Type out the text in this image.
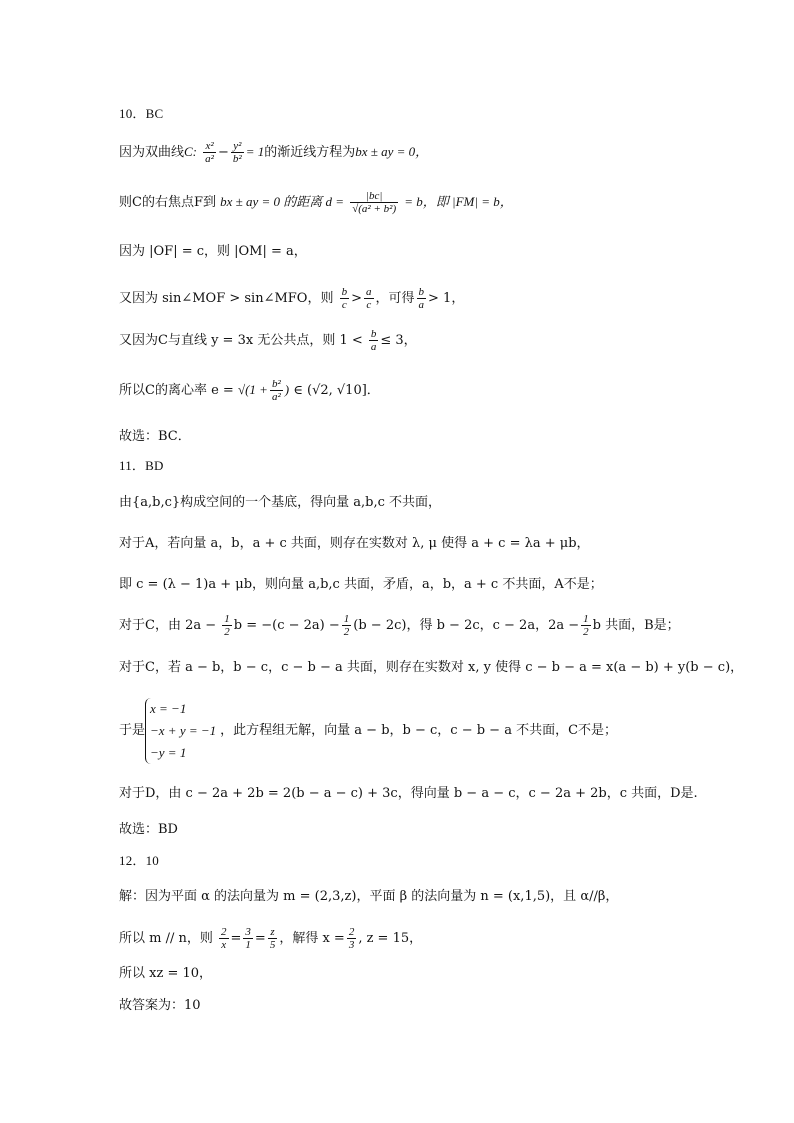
10．BC
因为双曲线C: $\frac{\text{x²}}{\text{a²}} - \frac{\text{y²}}{\text{b²}} = 1$的渐近线方程为bx ± ay = 0，
则C的右焦点F到 bx ± ay = 0 的距离 $d = \frac{|bc|}{\text{√(a² + b²)}} = b$，即 |FM| = b，
因为 |OF| = c，则 |OM| = a，
又因为 sin∠MOF > sin∠MFO，则 $\frac{b}{c} > \frac{a}{c}$ ，可得 $\frac{b}{a} > 1$，
又因为C与直线 y = 3x 无公共点，则 $1 < \frac{b}{a} \le 3$，
所以C的离心率 $e = √(1 + \frac{\text{b²}}{\text{a²}}$ ) ∈ (√2, √10]．
故选：BC．
11．BD
由{a,b,c}构成空间的一个基底，得向量 a,b,c 不共面，
对于A，若向量 a，b，a + c 共面，则存在实数对 λ, μ 使得 a + c = λa + μb，
即 c = (λ − 1)a + μb，则向量 a,b,c 共面，矛盾，a，b，a + c 不共面，A不是；
对于C，由 $2a - \frac{1}{2}$ $b = -(c - 2a) - \frac{1}{2} (b - 2c)$，得 b − 2c，c − 2a，$2a - \frac{1}{2}$ b 共面，B是；
对于C，若 a − b，b − c，c − b − a 共面，则存在实数对 x, y 使得 c − b − a = x(a − b) + y(b − c)，
于是
x = −1
−x + y = −1
−y = 1
，此方程组无解，向量 a − b，b − c，c − b − a 不共面，C不是；
对于D，由 c − 2a + 2b = 2(b − a − c) + 3c，得向量 b − a − c，c − 2a + 2b，c 共面，D是.
故选：BD
12．10
解：因为平面 α 的法向量为 m = (2,3,z)，平面 β 的法向量为 n = (x,1,5)，且 α//β，
所以 m // n，则 $\frac{2}{x} = \frac{3}{1} = \frac{z}{5}$ ，解得 $x = \frac{2}{3}$ , z = 15，
所以 xz = 10，
故答案为：10
